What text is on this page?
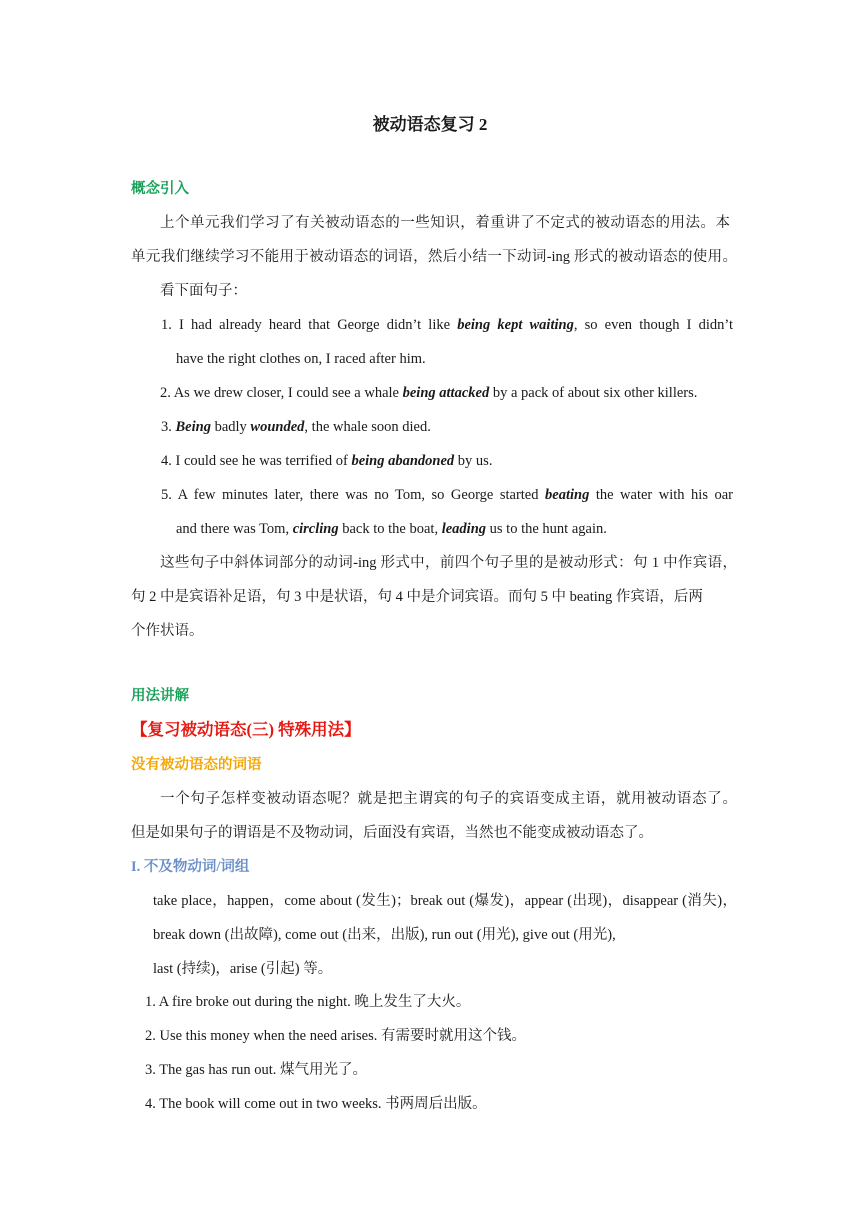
被动语态复习 2
概念引入
上个单元我们学习了有关被动语态的一些知识，着重讲了不定式的被动语态的用法。本
单元我们继续学习不能用于被动语态的词语，然后小结一下动词-ing 形式的被动语态的使用。
看下面句子：
1. I had already heard that George didn’t like being kept waiting, so even though I didn’t
have the right clothes on, I raced after him.
2. As we drew closer, I could see a whale being attacked by a pack of about six other killers.
3. Being badly wounded, the whale soon died.
4. I could see he was terrified of being abandoned by us.
5. A few minutes later, there was no Tom, so George started beating the water with his oar
and there was Tom, circling back to the boat, leading us to the hunt again.
这些句子中斜体词部分的动词-ing 形式中，前四个句子里的是被动形式：句 1 中作宾语，
句 2 中是宾语补足语，句 3 中是状语，句 4 中是介词宾语。而句 5 中 beating 作宾语，后两
个作状语。
用法讲解
【复习被动语态(三) 特殊用法】
没有被动语态的词语
一个句子怎样变被动语态呢？就是把主谓宾的句子的宾语变成主语，就用被动语态了。
但是如果句子的谓语是不及物动词，后面没有宾语，当然也不能变成被动语态了。
I. 不及物动词/词组
take place，happen，come about (发生)；break out (爆发)，appear (出现)，disappear (消失)，
break down (出故障), come out (出来，出版), run out (用光), give out (用光),
last (持续)，arise (引起) 等。
1. A fire broke out during the night. 晚上发生了大火。
2. Use this money when the need arises. 有需要时就用这个钱。
3. The gas has run out. 煤气用光了。
4. The book will come out in two weeks. 书两周后出版。
